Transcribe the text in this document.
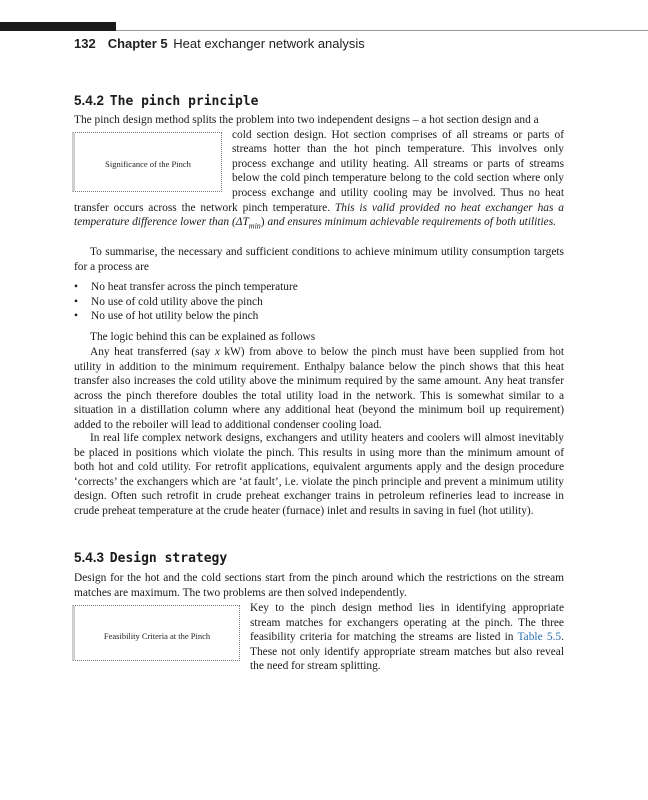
132 Chapter 5 Heat exchanger network analysis
5.4.2 The pinch principle
The pinch design method splits the problem into two independent designs – a hot section design and a
Significance of the Pinch
cold section design. Hot section comprises of all streams or parts of streams hotter than the hot pinch temperature. This involves only process exchange and utility heating. All streams or parts of streams below the cold pinch temperature belong to the cold section where only process exchange and utility cooling may be involved. Thus no heat transfer occurs across the network pinch temperature. This is valid provided no heat exchanger has a temperature difference lower than $(\Delta T_{min})$ and ensures minimum achievable requirements of both utilities.

To summarise, the necessary and sufficient conditions to achieve minimum utility consumption targets for a process are

• No heat transfer across the pinch temperature
• No use of cold utility above the pinch
• No use of hot utility below the pinch

The logic behind this can be explained as follows

Any heat transferred (say x kW) from above to below the pinch must have been supplied from hot utility in addition to the minimum requirement. Enthalpy balance below the pinch shows that this heat transfer also increases the cold utility above the minimum required by the same amount. Any heat transfer across the pinch therefore doubles the total utility load in the network. This is somewhat similar to a situation in a distillation column where any additional heat (beyond the minimum boil up requirement) added to the reboiler will lead to additional condenser cooling load.

In real life complex network designs, exchangers and utility heaters and coolers will almost inevitably be placed in positions which violate the pinch. This results in using more than the minimum amount of both hot and cold utility. For retrofit applications, equivalent arguments apply and the design procedure ‘corrects’ the exchangers which are ‘at fault’, i.e. violate the pinch principle and prevent a minimum utility design. Often such retrofit in crude preheat exchanger trains in petroleum refineries lead to increase in crude preheat temperature at the crude heater (furnace) inlet and results in saving in fuel (hot utility).

5.4.3 Design strategy

Design for the hot and the cold sections start from the pinch around which the restrictions on the stream matches are maximum. The two problems are then solved independently.

Feasibility Criteria at the Pinch
Key to the pinch design method lies in identifying appropriate stream matches for exchangers operating at the pinch. The three feasibility criteria for matching the streams are listed in Table 5.5. These not only identify appropriate stream matches but also reveal the need for stream splitting.
